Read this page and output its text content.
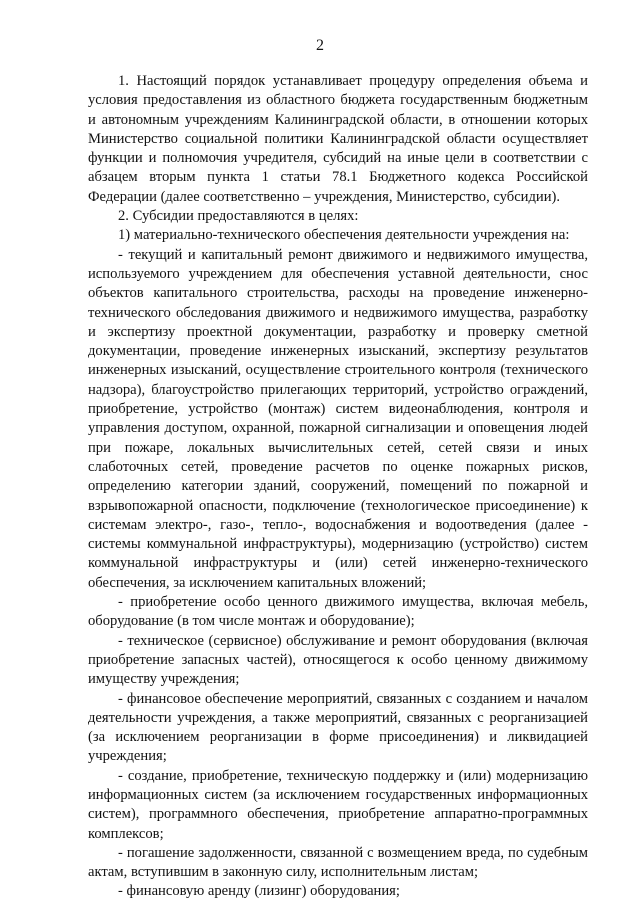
2

1. Настоящий порядок устанавливает процедуру определения объема и условия предоставления из областного бюджета государственным бюджетным и автономным учреждениям Калининградской области, в отношении которых Министерство социальной политики Калининградской области осуществляет функции и полномочия учредителя, субсидий на иные цели в соответствии с абзацем вторым пункта 1 статьи 78.1 Бюджетного кодекса Российской Федерации (далее соответственно – учреждения, Министерство, субсидии).

2. Субсидии предоставляются в целях:

1) материально-технического обеспечения деятельности учреждения на:

- текущий и капитальный ремонт движимого и недвижимого имущества, используемого учреждением для обеспечения уставной деятельности, снос объектов капитального строительства, расходы на проведение инженерно-технического обследования движимого и недвижимого имущества, разработку и экспертизу проектной документации, разработку и проверку сметной документации, проведение инженерных изысканий, экспертизу результатов инженерных изысканий, осуществление строительного контроля (технического надзора), благоустройство прилегающих территорий, устройство ограждений, приобретение, устройство (монтаж) систем видеонаблюдения, контроля и управления доступом, охранной, пожарной сигнализации и оповещения людей при пожаре, локальных вычислительных сетей, сетей связи и иных слаботочных сетей, проведение расчетов по оценке пожарных рисков, определению категории зданий, сооружений, помещений по пожарной и взрывопожарной опасности, подключение (технологическое присоединение) к системам электро-, газо-, тепло-, водоснабжения и водоотведения (далее - системы коммунальной инфраструктуры), модернизацию (устройство) систем коммунальной инфраструктуры и (или) сетей инженерно-технического обеспечения, за исключением капитальных вложений;

- приобретение особо ценного движимого имущества, включая мебель, оборудование (в том числе монтаж и оборудование);

- техническое (сервисное) обслуживание и ремонт оборудования (включая приобретение запасных частей), относящегося к особо ценному движимому имуществу учреждения;

- финансовое обеспечение мероприятий, связанных с созданием и началом деятельности учреждения, а также мероприятий, связанных с реорганизацией (за исключением реорганизации в форме присоединения) и ликвидацией учреждения;

- создание, приобретение, техническую поддержку и (или) модернизацию информационных систем (за исключением государственных информационных систем), программного обеспечения, приобретение аппаратно-программных комплексов;

- погашение задолженности, связанной с возмещением вреда, по судебным актам, вступившим в законную силу, исполнительным листам;

- финансовую аренду (лизинг) оборудования;
